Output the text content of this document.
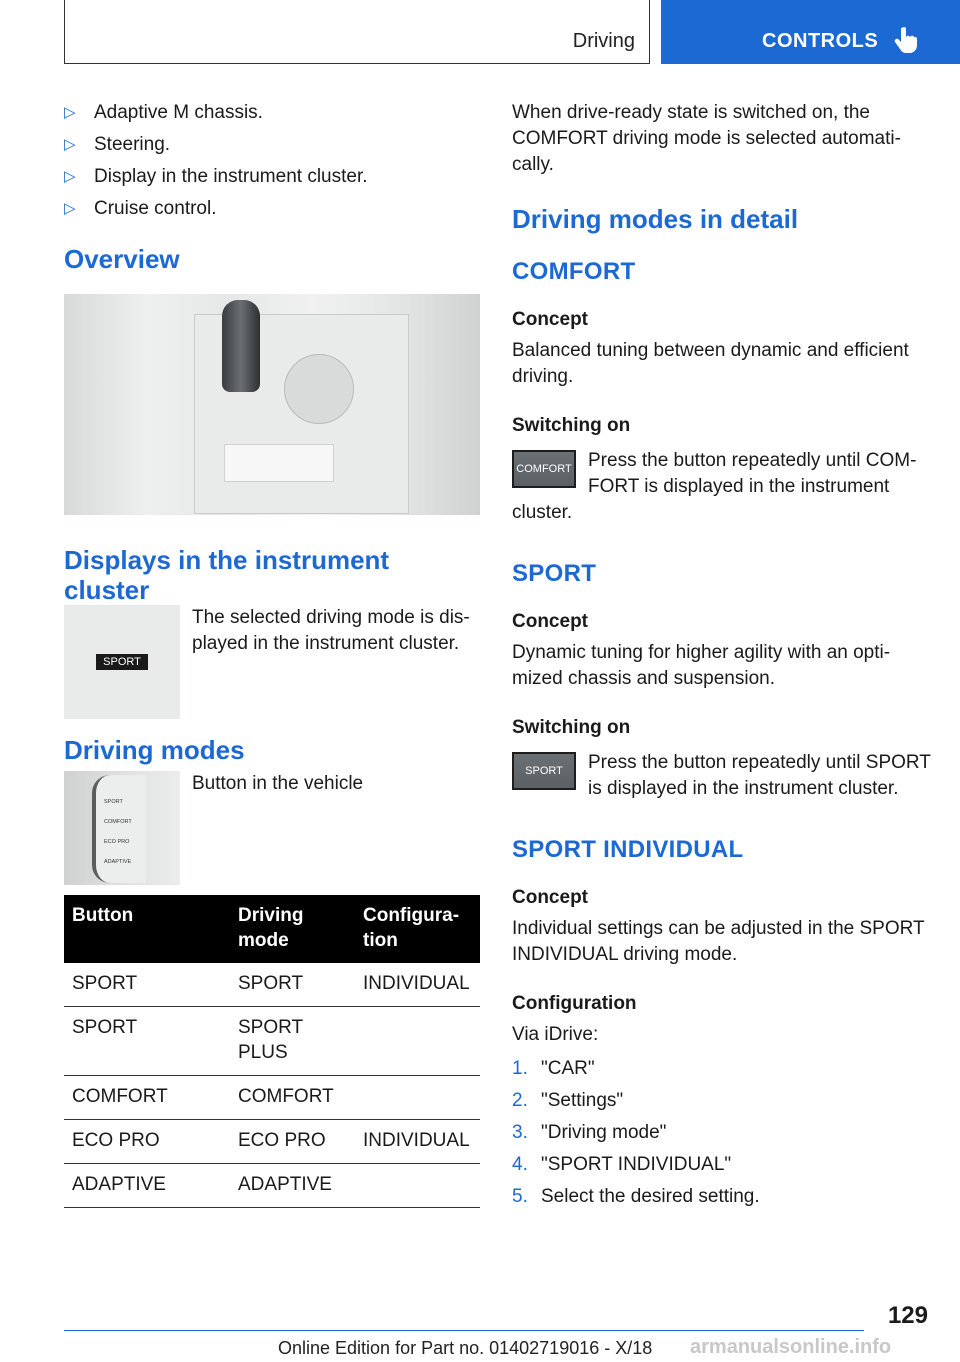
Driving	CONTROLS
▷ Adaptive M chassis.
▷ Steering.
▷ Display in the instrument cluster.
▷ Cruise control.
Overview
Displays in the instrument cluster
SPORT

The selected driving mode is dis-played in the instrument cluster.

Driving modes
SPORT
COMFORT
ECO PRO
ADAPTIVE

Button in the vehicle

Button	Driving mode	Configura-tion
SPORT	SPORT	INDIVIDUAL
SPORT	SPORT PLUS	
COMFORT	COMFORT	
ECO PRO	ECO PRO	INDIVIDUAL
ADAPTIVE	ADAPTIVE	

When drive-ready state is switched on, the COMFORT driving mode is selected automati-cally.

Driving modes in detail
COMFORT
Concept

Balanced tuning between dynamic and efficient driving.

Switching on
COMFORT Press the button repeatedly until COM-FORT is displayed in the instrument cluster.

SPORT
Concept

Dynamic tuning for higher agility with an opti-mized chassis and suspension.

Switching on
SPORT	Press the button repeatedly until SPORT is displayed in the instrument cluster.

SPORT INDIVIDUAL
Concept

Individual settings can be adjusted in the SPORT INDIVIDUAL driving mode.

Configuration

Via iDrive:

1. "CAR"
2. "Settings"
3. "Driving mode"
4. "SPORT INDIVIDUAL"
5. Select the desired setting.
129
Online Edition for Part no. 01402719016 - X/18 armanualsonline.info
